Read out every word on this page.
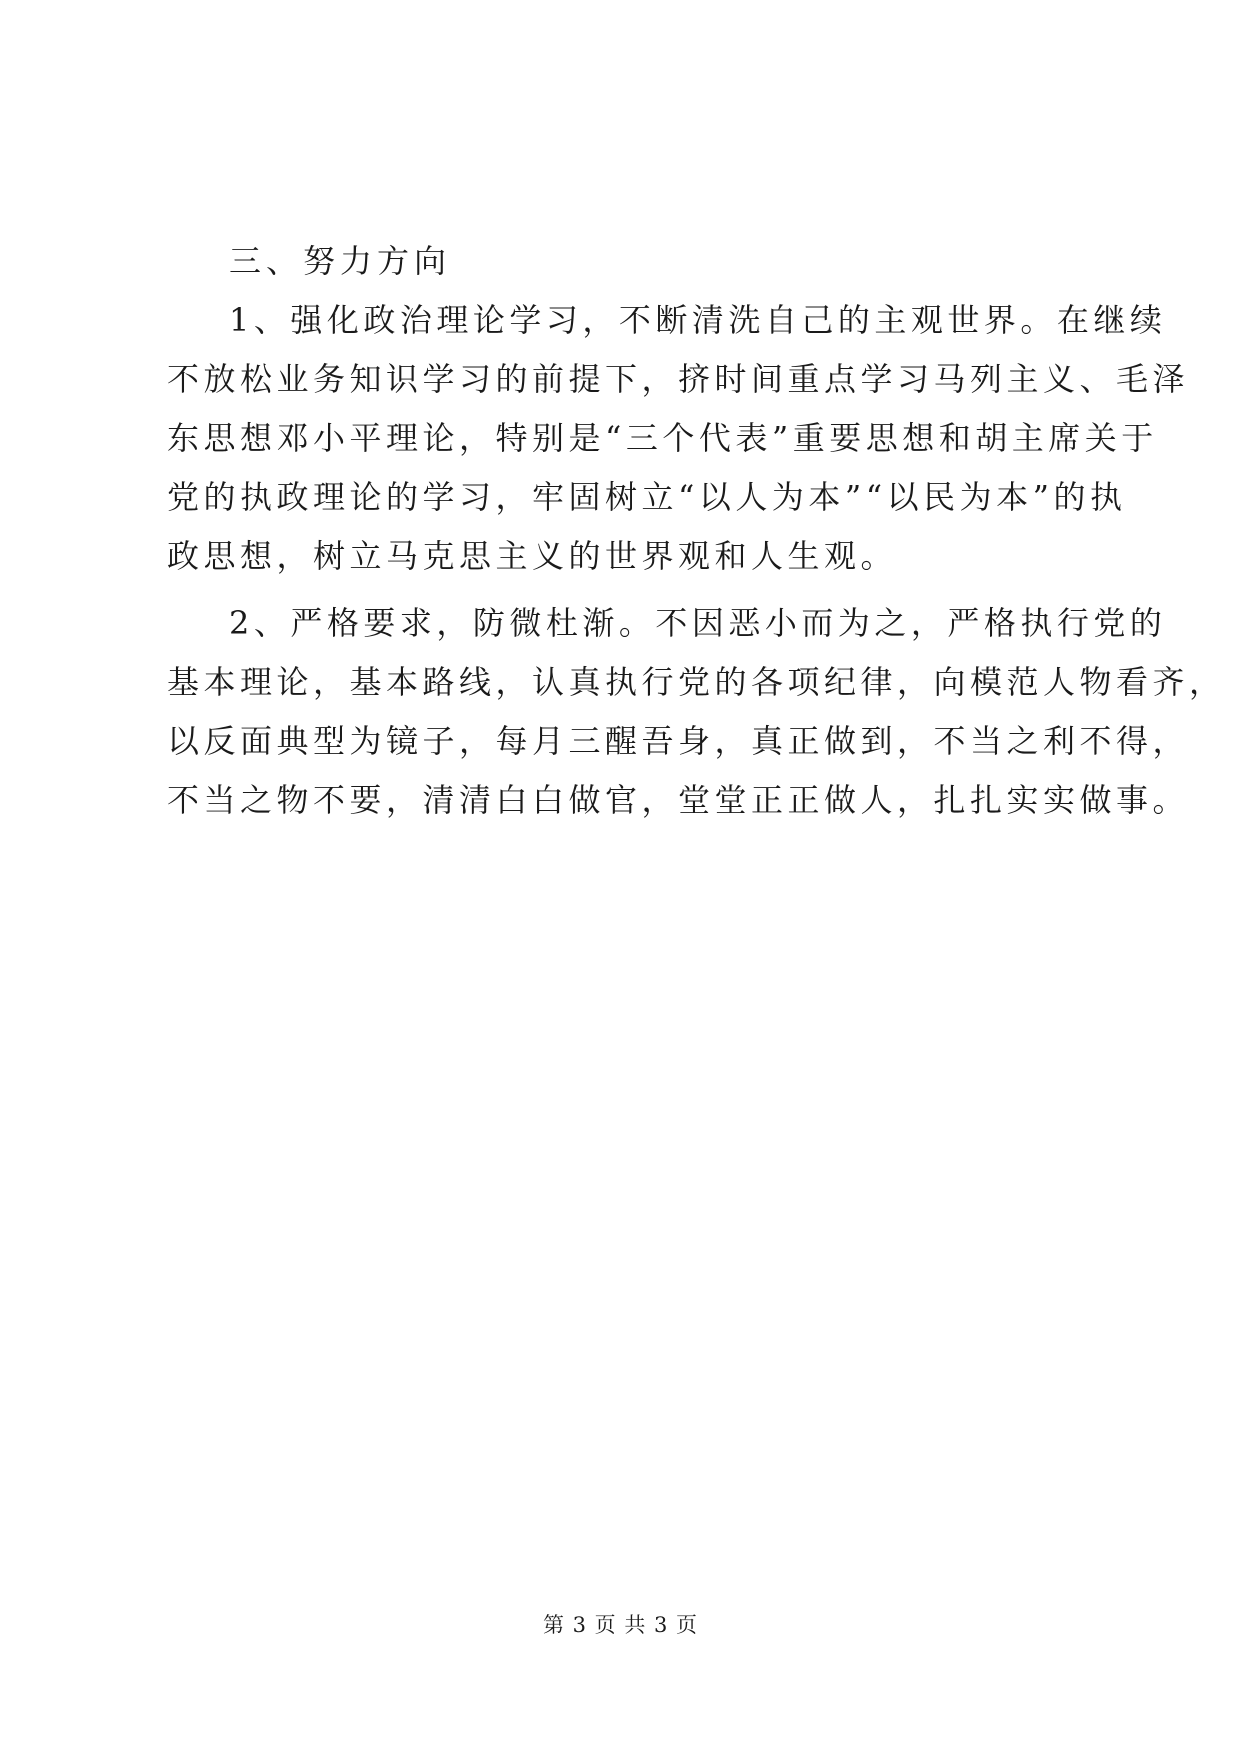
三、努力方向

1、强化政治理论学习，不断清洗自己的主观世界。在继续
不放松业务知识学习的前提下，挤时间重点学习马列主义、毛泽
东思想邓小平理论，特别是“三个代表”重要思想和胡主席关于
党的执政理论的学习，牢固树立“以人为本”“以民为本”的执
政思想，树立马克思主义的世界观和人生观。
2、严格要求，防微杜渐。不因恶小而为之，严格执行党的
基本理论，基本路线，认真执行党的各项纪律，向模范人物看齐，
以反面典型为镜子，每月三醒吾身，真正做到，不当之利不得，
不当之物不要，清清白白做官，堂堂正正做人，扎扎实实做事。
第 3 页 共 3 页
